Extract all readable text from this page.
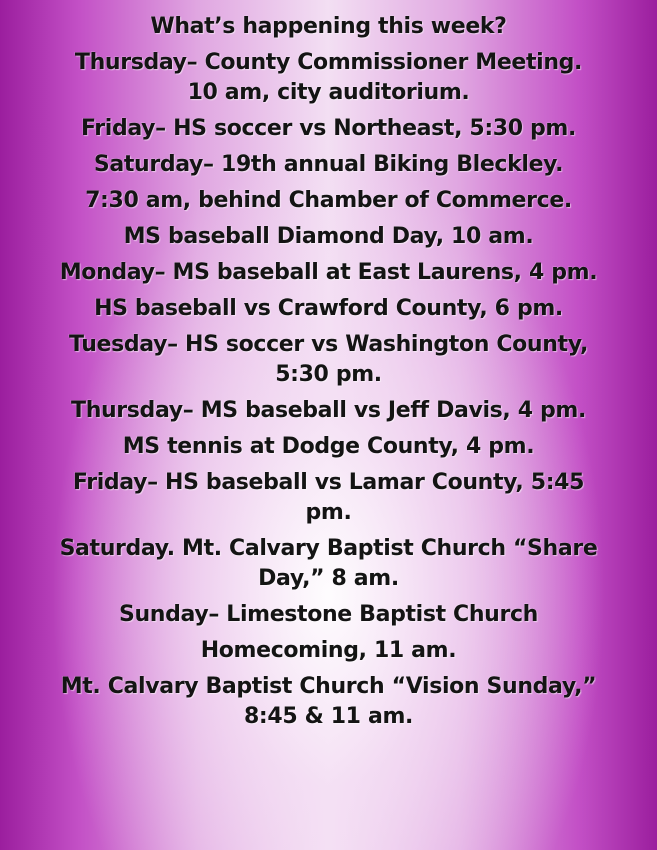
What’s happening this week?
Thursday– County Commissioner Meeting.
10 am, city auditorium.
Friday– HS soccer vs Northeast, 5:30 pm.
Saturday– 19th annual Biking Bleckley.
7:30 am, behind Chamber of Commerce.
MS baseball Diamond Day, 10 am.
Monday– MS baseball at East Laurens, 4 pm.
HS baseball vs Crawford County, 6 pm.
Tuesday– HS soccer vs Washington County,
5:30 pm.
Thursday– MS baseball vs Jeff Davis, 4 pm.
MS tennis at Dodge County, 4 pm.
Friday– HS baseball vs Lamar County, 5:45
pm.
Saturday. Mt. Calvary Baptist Church “Share
Day,” 8 am.
Sunday– Limestone Baptist Church
Homecoming, 11 am.
Mt. Calvary Baptist Church “Vision Sunday,”
8:45 & 11 am.
